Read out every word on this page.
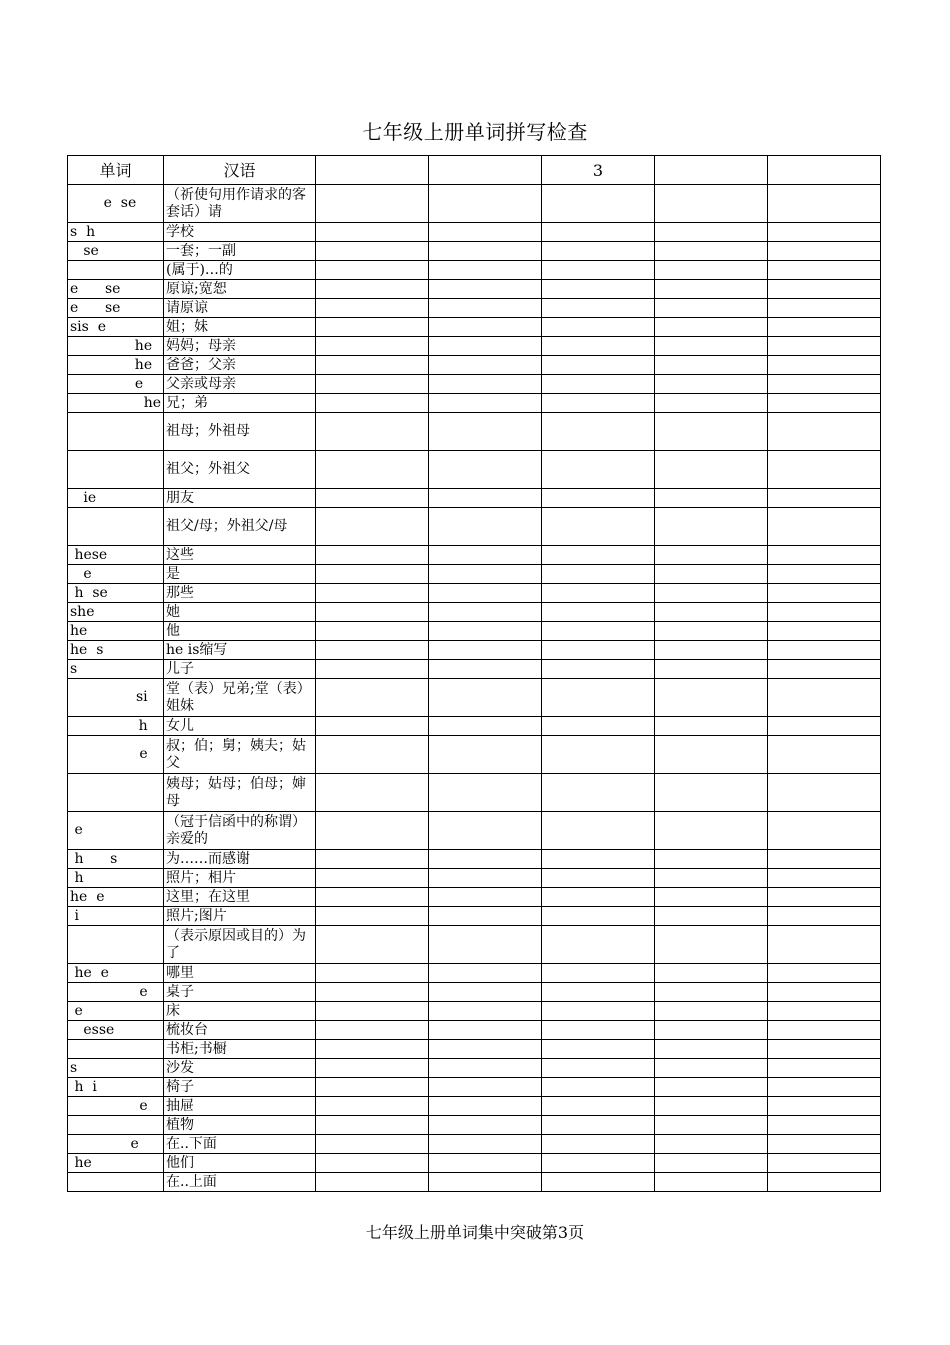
七年级上册单词拼写检查
单词	汉语			3		
e  se	（祈使句用作请求的客套话）请					
s  h	学校					
se	一套；一副					
	(属于)…的					
e      se	原谅;宽恕					
e      se	请原谅					
sis  e	姐；妹					
he	妈妈；母亲					
he	爸爸；父亲					
e	父亲或母亲					
he	兄；弟					
	祖母；外祖母					
	祖父；外祖父					
ie	朋友					
	祖父/母；外祖父/母					
hese	这些					
e	是					
h  se	那些					
she	她					
he	他					
he  s	he is缩写					
s	儿子					
si	堂（表）兄弟;堂（表）姐妹					
h	女儿					
e	叔；伯；舅；姨夫；姑父					
	姨母；姑母；伯母；婶母					
e	（冠于信函中的称谓）亲爱的					
h      s	为……而感谢					
h	照片；相片					
he  e	这里；在这里					
i	照片;图片					
	（表示原因或目的）为了					
he  e	哪里					
e	桌子					
e	床					
esse	梳妆台					
	书柜;书橱					
s	沙发					
h  i	椅子					
e	抽屉					
	植物					
e	在..下面					
he	他们					
	在..上面					
七年级上册单词集中突破第3页
